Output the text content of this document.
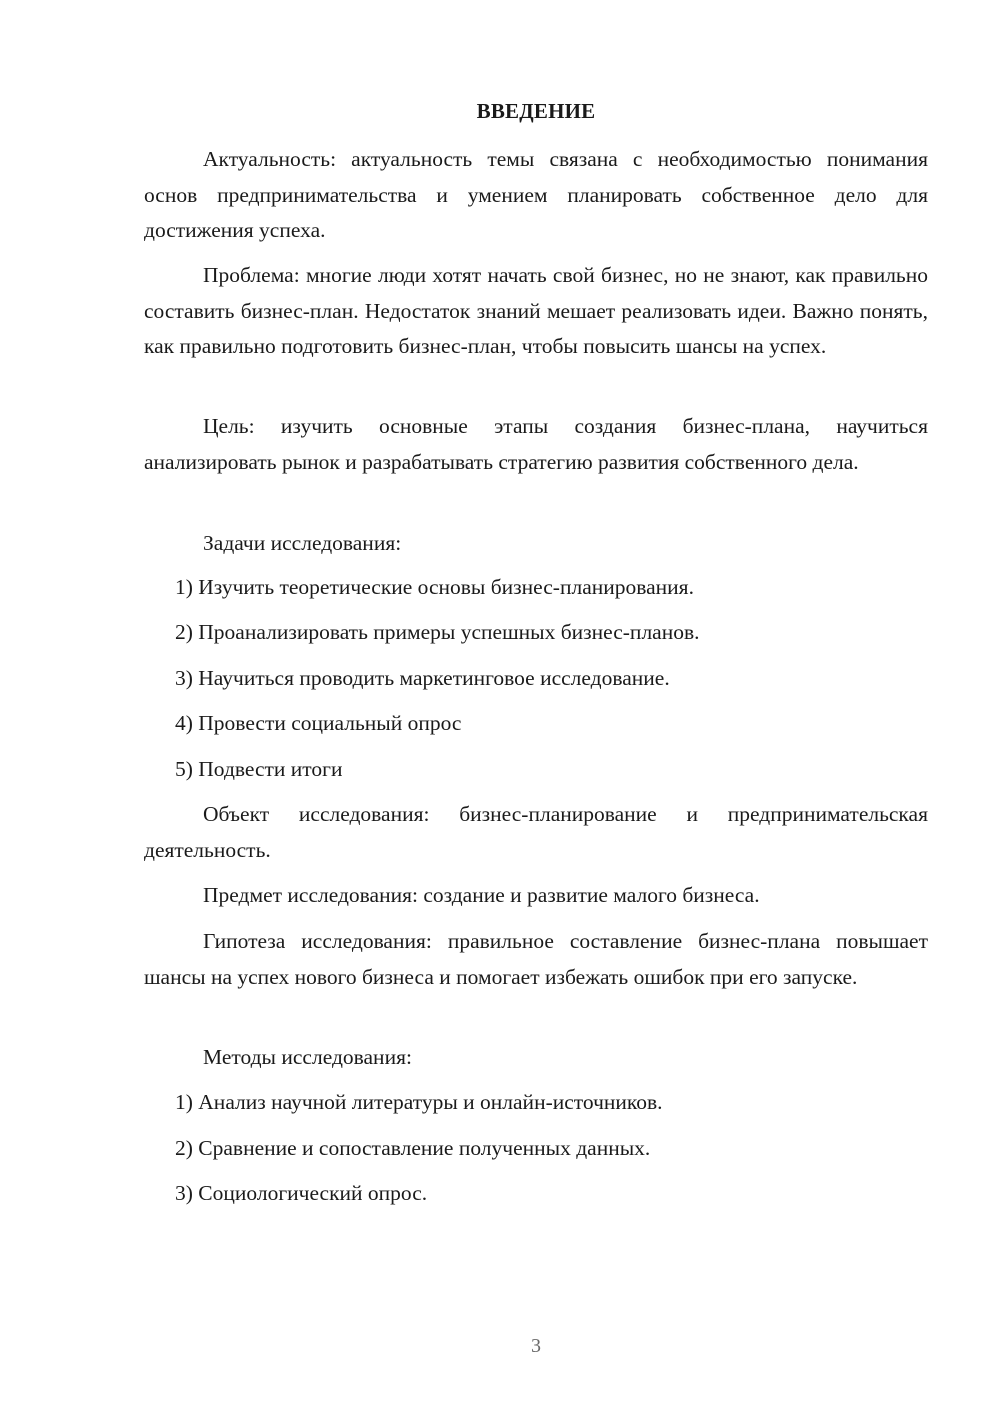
ВВЕДЕНИЕ

Актуальность: актуальность темы связана с необходимостью понимания основ предпринимательства и умением планировать собственное дело для достижения успеха.

Проблема: многие люди хотят начать свой бизнес, но не знают, как правильно составить бизнес-план. Недостаток знаний мешает реализовать идеи. Важно понять, как правильно подготовить бизнес-план, чтобы повысить шансы на успех.

Цель: изучить основные этапы создания бизнес-плана, научиться анализировать рынок и разрабатывать стратегию развития собственного дела.

Задачи исследования:

1) Изучить теоретические основы бизнес-планирования.

2) Проанализировать примеры успешных бизнес-планов.

3) Научиться проводить маркетинговое исследование.

4) Провести социальный опрос

5) Подвести итоги

Объект исследования: бизнес-планирование и предпринимательская деятельность.

Предмет исследования: создание и развитие малого бизнеса.

Гипотеза исследования: правильное составление бизнес-плана повышает шансы на успех нового бизнеса и помогает избежать ошибок при его запуске.

Методы исследования:

1) Анализ научной литературы и онлайн-источников.

2) Сравнение и сопоставление полученных данных.

3) Социологический опрос.

3
